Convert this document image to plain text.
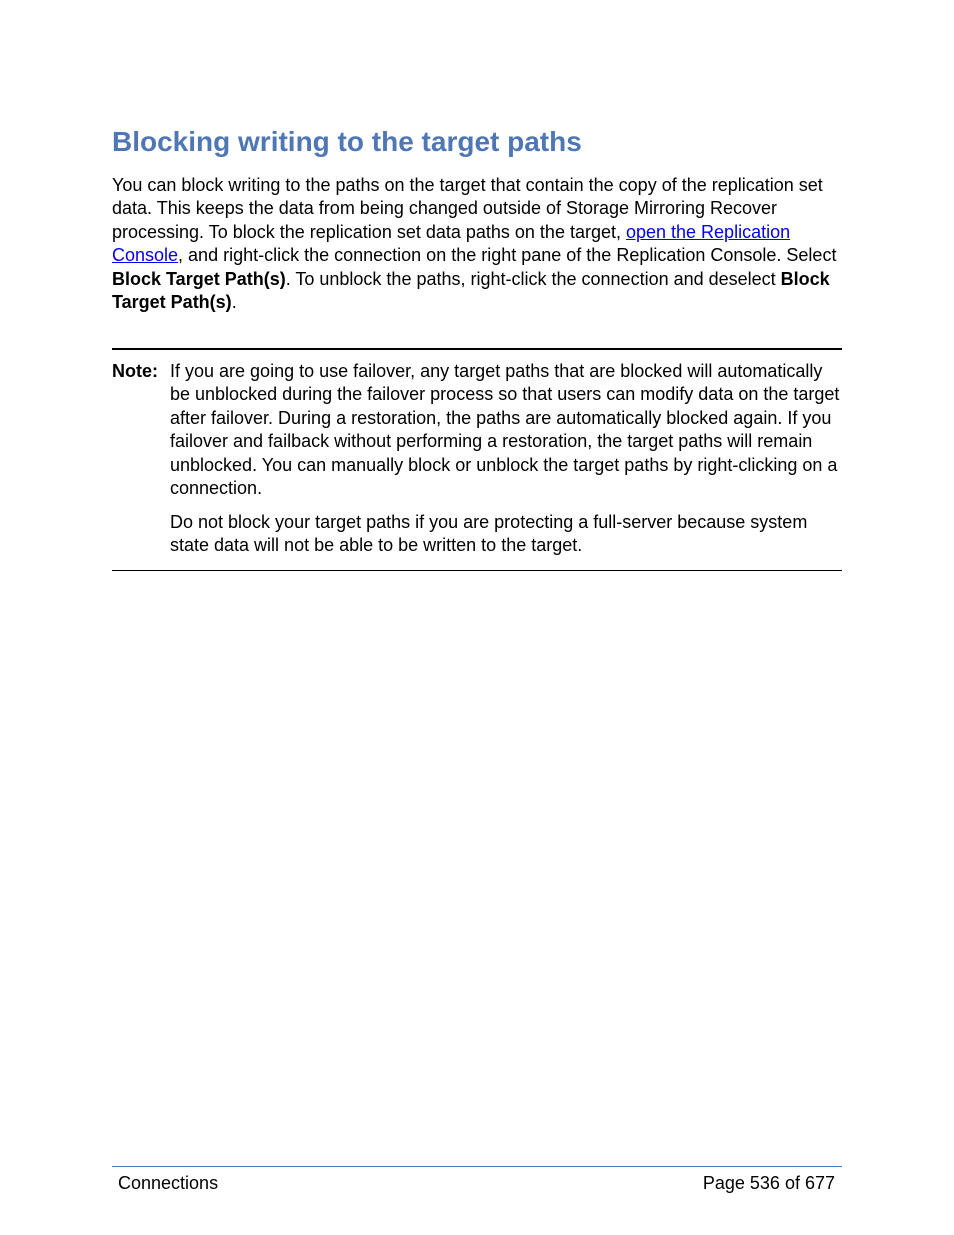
Blocking writing to the target paths

You can block writing to the paths on the target that contain the copy of the replication set data. This keeps the data from being changed outside of Storage Mirroring Recover processing. To block the replication set data paths on the target, open the Replication Console, and right-click the connection on the right pane of the Replication Console. Select Block Target Path(s). To unblock the paths, right-click the connection and deselect Block Target Path(s).

Note: If you are going to use failover, any target paths that are blocked will automatically be unblocked during the failover process so that users can modify data on the target after failover. During a restoration, the paths are automatically blocked again. If you failover and failback without performing a restoration, the target paths will remain unblocked. You can manually block or unblock the target paths by right-clicking on a connection.

Do not block your target paths if you are protecting a full-server because system state data will not be able to be written to the target.

Connections	Page 536 of 677
